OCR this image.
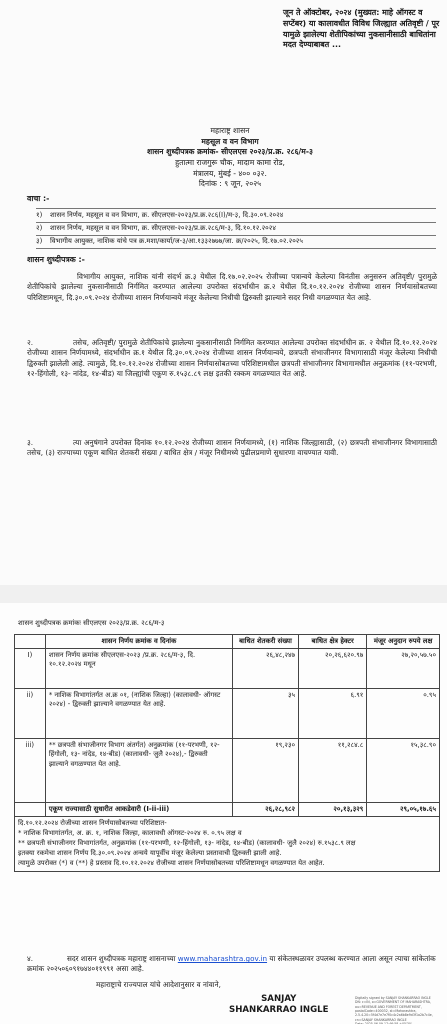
जून ते ऑक्टोबर, २०२४ (मुख्यत: माहे ऑगस्ट व सप्टेंबर) या कालावधीत विविध जिल्ह्यात अतिवृष्टी / पूर यामुळे झालेल्या शेतीपिकांच्या नुकसानीसाठी बाधितांना मदत देण्याबाबत ...
महाराष्ट्र शासन
महसूल व वन विभाग
शासन शुध्दीपत्रक क्रमांक- सीएलएस २०२३/प्र.क्र. २८६/म-३
हुतात्मा राजगुरू चौक, मादाम कामा रोड,
मंत्रालय, मुंबई - ४०० ०३२.
दिनांक : ९ जून, २०२५
वाचा :-
१)	शासन निर्णय, महसूल व वन विभाग, क्र. सीएलएस-२०२३/प्र.क्र.२८६(I)/म-३, दि.३०.०९.२०२४
२)	शासन निर्णय, महसूल व वन विभाग, क्र. सीएलएस-२०२३/प्र.क्र.२८६/म-३, दि.१०.१२.२०२४
३)	विभागीय आयुक्त, नाशिक यांचे पत्र क्र.मशा/कार्या/ज-३/आ.१३३२७७७/जा. क्र/२०२५, दि.१७.०२.२०२५
शासन शुध्दीपत्रक :-
विभागीय आयुक्त, नाशिक यांनी संदर्भ क्र.३ येथील दि.१७.०२.२०२५ रोजीच्या पत्रान्वये केलेल्या विनंतीस अनुसरुन अतिवृष्टी/ पुरामुळे शेतीपिकांचे झालेल्या नुकसानीसाठी निर्गमित करण्यात आलेल्या उपरोक्त संदर्भाधीन क्र.२ येथील दि.१०.१२.२०२४ रोजीच्या शासन निर्णयासोबतच्या परिशिष्टामधून, दि.३०.०९.२०२४ रोजीच्या शासन निर्णयान्वये मंजूर केलेल्या निधीची द्विरुक्ती झाल्याने सदर निधी वगळण्यात येत आहे.
२.	तसेच, अतिवृष्टी/ पुरामुळे शेतीपिकांचे झालेल्या नुकसानीसाठी निर्गमित करण्यात आलेल्या उपरोक्त संदर्भाधीन क्र. २ येथील दि.१०.१२.२०२४ रोजीच्या शासन निर्णयामध्ये, संदर्भाधीन क्र.१ येथील दि.३०.०९.२०२४ रोजीच्या शासन निर्णयान्वये, छत्रपती संभाजीनगर विभागासाठी मंजूर केलेल्या निधीची द्विरुक्ती झालेली आहे. त्यामुळे, दि.१०.१२.२०२४ रोजीच्या शासन निर्णयासोबतच्या परिशिष्टामधील छत्रपती संभाजीनगर विभागामधील अनुक्रमांक (११-परभणी, १२-हिंगोली, १३- नांदेड, १४-बीड) या जिल्ह्यांची एकूण रु.१५३८.८९ लक्ष इतकी रक्कम वगळण्यात येत आहे.
३.	त्या अनुषंगाने उपरोक्त दिनांक १०.१२.२०२४ रोजीच्या शासन निर्णयामध्ये, (१) नाशिक जिल्ह्यासाठी, (२) छत्रपती संभाजीनगर विभागासाठी तसेच, (३) राज्याच्या एकूण बाधित शेतकरी संख्या / बाधित क्षेत्र / मंजूर निधीमध्ये पुढीलप्रमाणे सुधारणा वाचण्यात यावी.
शासन शुध्दीपत्रक क्रमांकः सीएलएस २०२३/प्र.क्र. २८६/म-३
	शासन निर्णय क्रमांक व दिनांक	बाधित शेतकरी संख्या	बाधित क्षेत्र हेक्टर	मंजूर अनुदान रुपये लक्ष
I)	शासन निर्णय क्रमांक सीएलएस-२०२३ /प्र.क्र. २८६/म-३, दि. १०.१२.२०२४ मधून	२६,४८,२४७	२०,२६,६२०.९७	२७,२०,५७.५०
ii)	* नाशिक विभागांतर्गत अ.क्र ०१, (नाशिक जिल्हा) (कालावधी- ऑगस्ट २०२४) - द्विरुक्ती झाल्याने वगळण्यात येत आहे.	३५	६.९१	०.९५
iii)	** छत्रपती संभाजीनगर विभाग अंतर्गत) अनुक्रमांक (११-परभणी, १२-हिंगोली, १३- नांदेड, १४-बीड) (कालावधी- जुलै २०२४),- द्विरुक्ती झाल्याने वगळण्यात येत आहे.	१९,२३०	११,२८४.८	१५,३८.९०
	एकूण राज्यासाठी सुधारीत आकडेवारी (I-ii-iii)	२६,२८,९८२	२०,१३,३२९	२९,०५,१७.६५

दि.१०.१२.२०२४ रोजीच्या शासन निर्णयासोबतच्या परिशिष्टात-
* नाशिक विभागांतर्गत, अ. क्र. १, नाशिक जिल्हा, कालावधी ऑगस्ट-२०२४ रु. ०.९५ लक्ष व
** छत्रपती संभाजीनगर विभागांतर्गत, अनुक्रमांक (११-परभणी, १२-हिंगोली, १३- नांदेड, १४-बीड) (कालावधी- जुलै २०२४) रु.१५३८.९ लक्ष
इतक्या रकमेचा शासन निर्णय दि.३०.०९.२०२४ अन्वये यापूर्वीच मंजूर केलेल्या प्रस्तावाची द्विरुक्ती झाली आहे.
त्यामुळे उपरोक्त (*) व (**) हे प्रस्ताव दि.१०.१२.२०२४ रोजीच्या शासन निर्णयासोबतच्या परिशिष्टामधून वगळण्यात येत आहेत.				
४.	सदर शासन शुध्दीपत्रक महाराष्ट्र शासनाच्या www.maharashtra.gov.in या संकेतस्थळावर उपलब्ध करण्यात आला असून त्याचा सांकेतांक क्रमांक २०२५०६०९१७४४०११९९१ असा आहे.
महाराष्ट्राचे राज्यपाल यांचे आदेशानुसार व नांवाने,
SANJAY
SHANKARRAO INGLE
Digitally signed by SANJAY SHANKARRAO INGLE
DN: c=IN, o=GOVERNMENT OF MAHARASHTRA,
ou=REVENUE AND FOREST DEPARTMENT,
postalCode=400032, st=Maharashtra,
2.5.4.20=5f4d7e7e7f0c4c2a6b8e9d3f1a2b7c4e,
cn=SANJAY SHANKARRAO INGLE
Date: 2025.06.09 17:46:58 +05'30'
